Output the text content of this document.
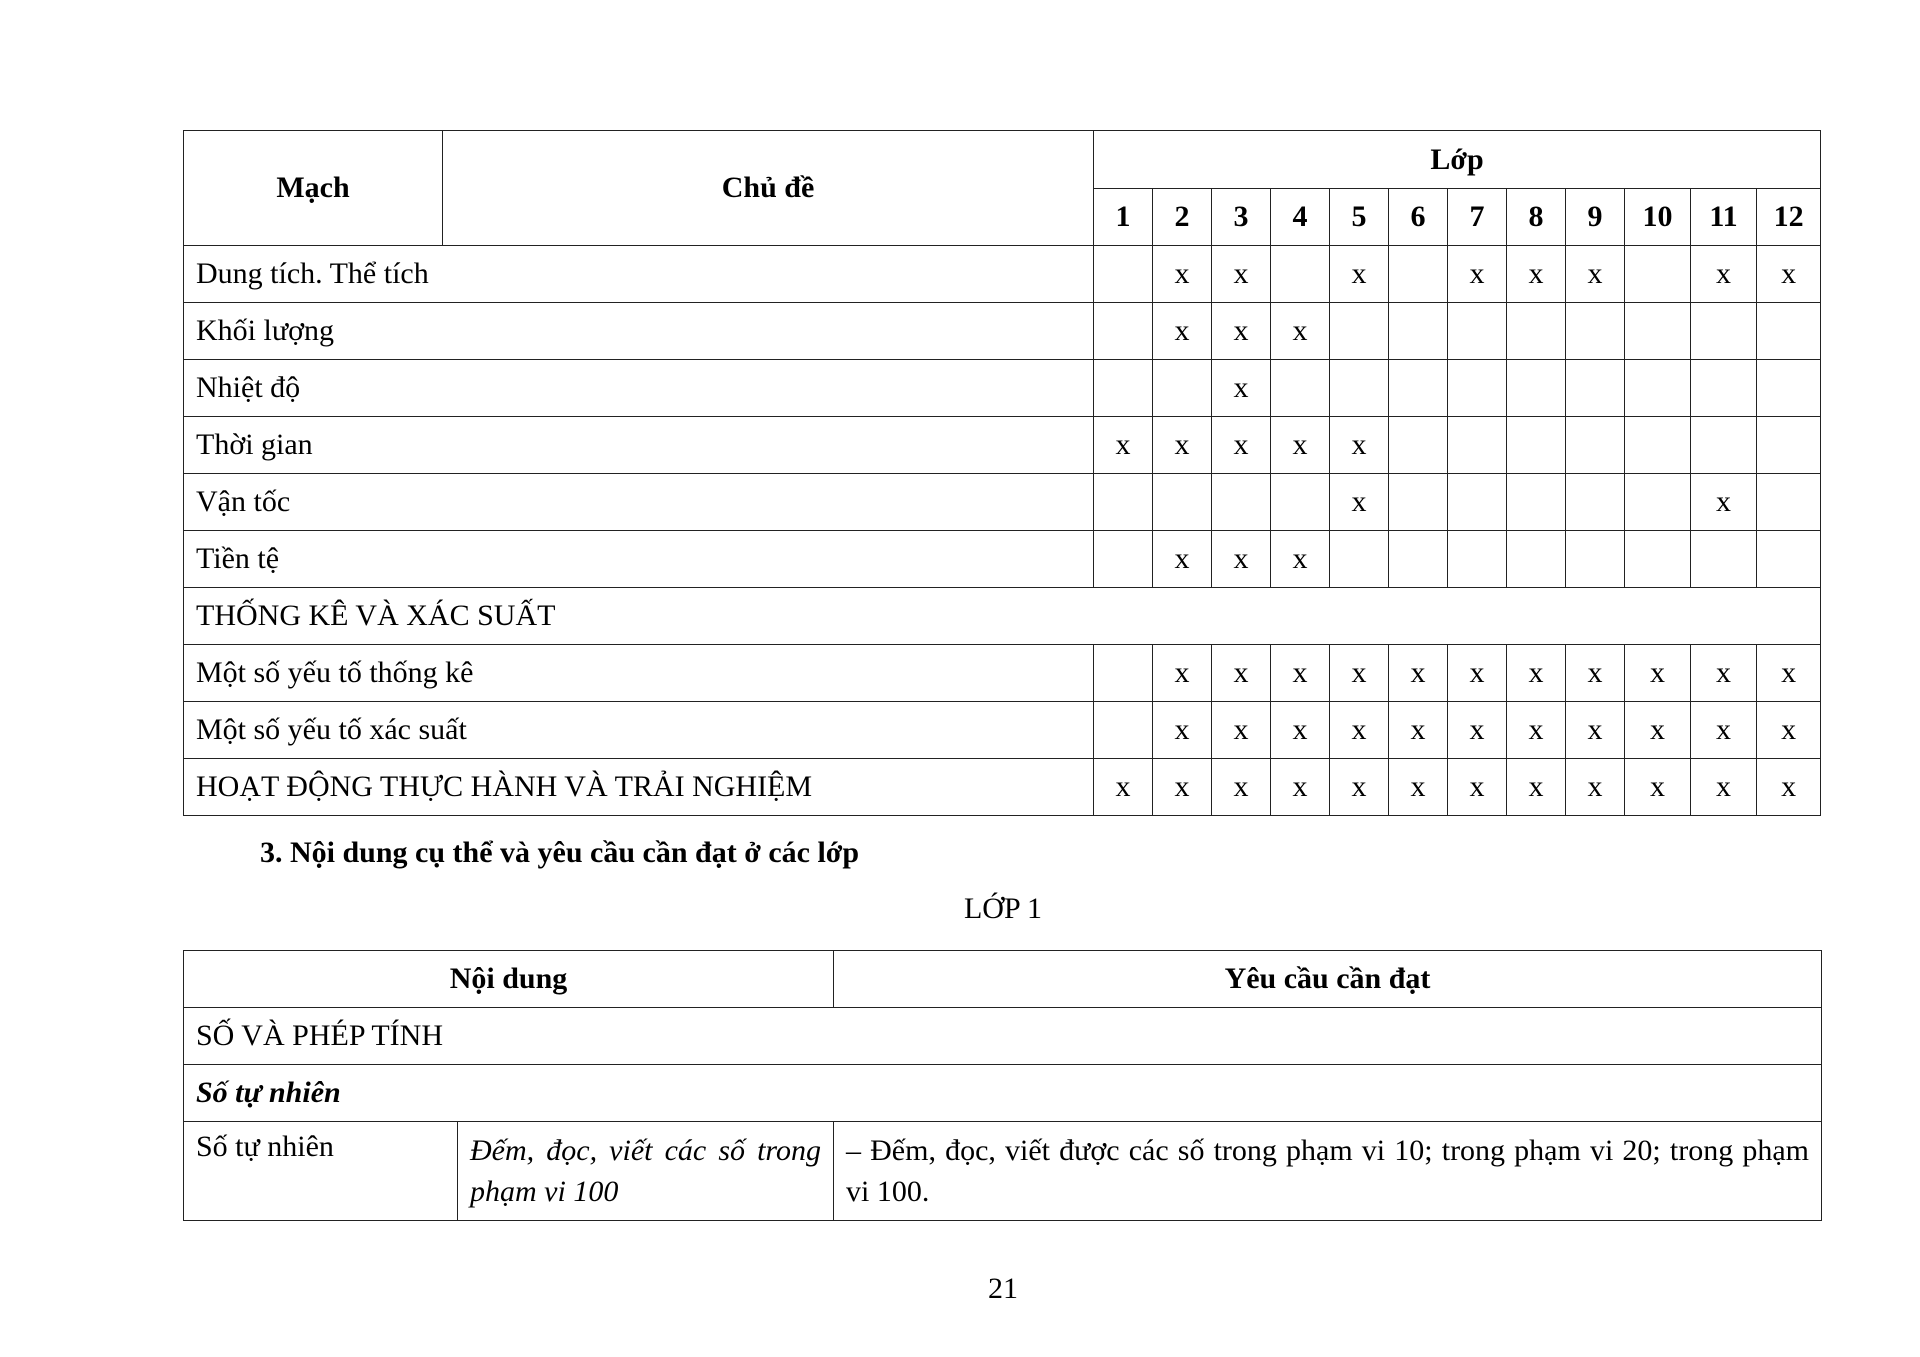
Mạch	Chủ đề	Lớp											
		1	2	3	4	5	6	7	8	9	10	11	12
Dung tích. Thể tích			x	x		x		x	x	x		x	x
Khối lượng			x	x	x								
Nhiệt độ				x									
Thời gian		x	x	x	x	x							
Vận tốc						x						x	
Tiền tệ			x	x	x								
THỐNG KÊ VÀ XÁC SUẤT													
Một số yếu tố thống kê			x	x	x	x	x	x	x	x	x	x	x
Một số yếu tố xác suất			x	x	x	x	x	x	x	x	x	x	x
HOẠT ĐỘNG THỰC HÀNH VÀ TRẢI NGHIỆM		x	x	x	x	x	x	x	x	x	x	x	x
3. Nội dung cụ thể và yêu cầu cần đạt ở các lớp
LỚP 1
Nội dung		Yêu cầu cần đạt
SỐ VÀ PHÉP TÍNH		
Số tự nhiên		
Số tự nhiên	Đếm, đọc, viết các số trong phạm vi 100	– Đếm, đọc, viết được các số trong phạm vi 10; trong phạm vi 20; trong phạm vi 100.
21
